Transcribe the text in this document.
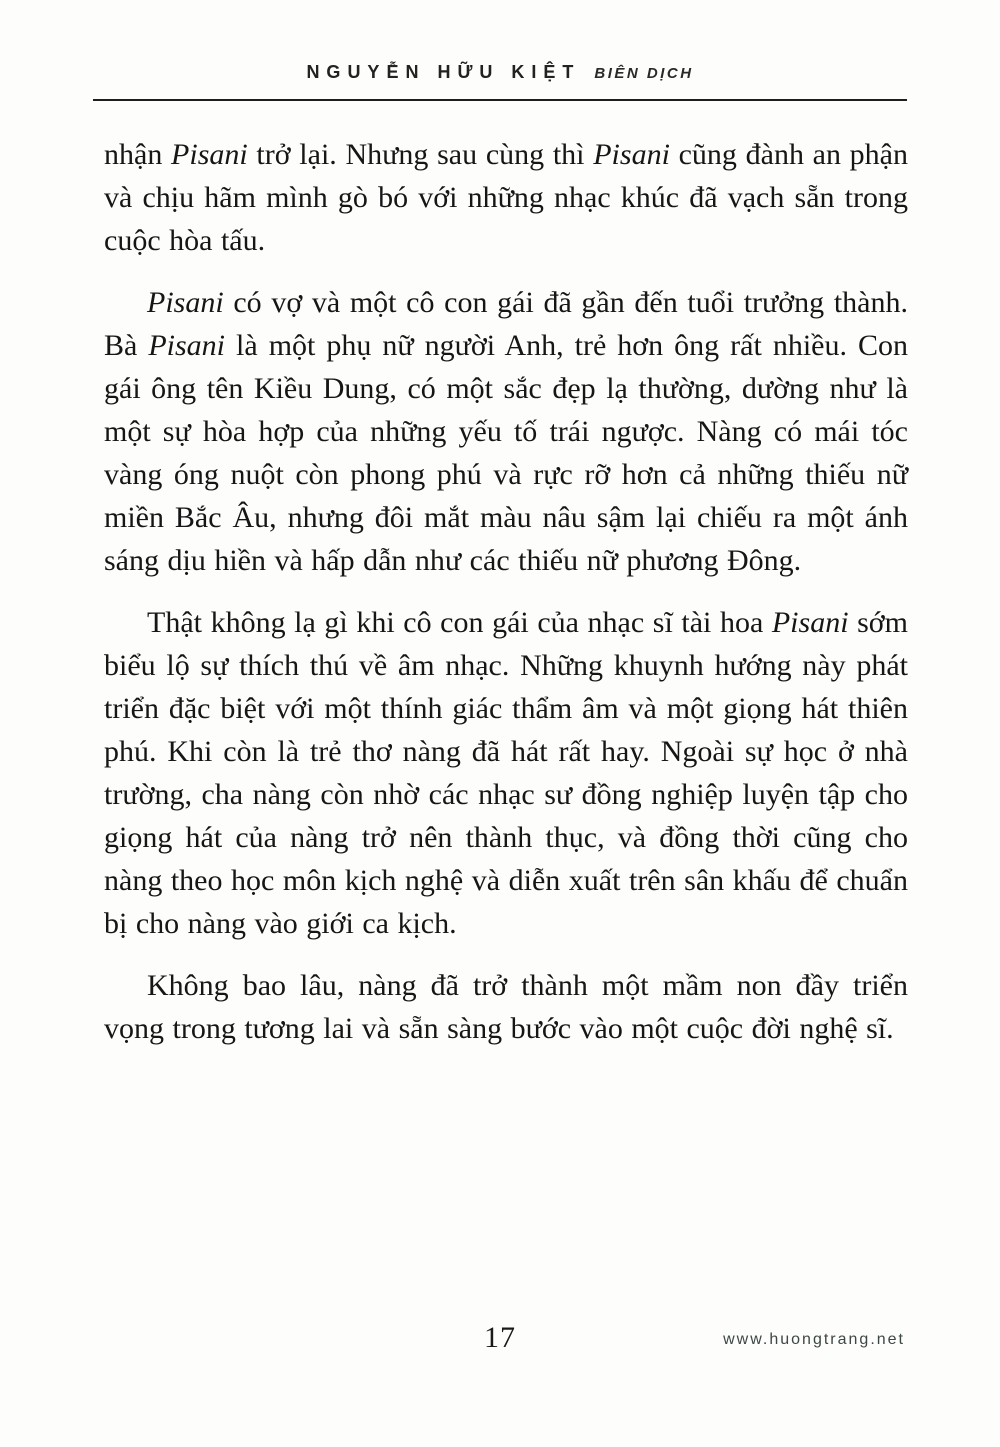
NGUYỄN HỮU KIỆT BIÊN DỊCH

nhận Pisani trở lại. Nhưng sau cùng thì Pisani cũng đành an phận và chịu hãm mình gò bó với những nhạc khúc đã vạch sẵn trong cuộc hòa tấu.

Pisani có vợ và một cô con gái đã gần đến tuổi trưởng thành. Bà Pisani là một phụ nữ người Anh, trẻ hơn ông rất nhiều. Con gái ông tên Kiều Dung, có một sắc đẹp lạ thường, dường như là một sự hòa hợp của những yếu tố trái ngược. Nàng có mái tóc vàng óng nuột còn phong phú và rực rỡ hơn cả những thiếu nữ miền Bắc Âu, nhưng đôi mắt màu nâu sậm lại chiếu ra một ánh sáng dịu hiền và hấp dẫn như các thiếu nữ phương Đông.

Thật không lạ gì khi cô con gái của nhạc sĩ tài hoa Pisani sớm biểu lộ sự thích thú về âm nhạc. Những khuynh hướng này phát triển đặc biệt với một thính giác thẩm âm và một giọng hát thiên phú. Khi còn là trẻ thơ nàng đã hát rất hay. Ngoài sự học ở nhà trường, cha nàng còn nhờ các nhạc sư đồng nghiệp luyện tập cho giọng hát của nàng trở nên thành thục, và đồng thời cũng cho nàng theo học môn kịch nghệ và diễn xuất trên sân khấu để chuẩn bị cho nàng vào giới ca kịch.

Không bao lâu, nàng đã trở thành một mầm non đầy triển vọng trong tương lai và sẵn sàng bước vào một cuộc đời nghệ sĩ.

17	www.huongtrang.net
